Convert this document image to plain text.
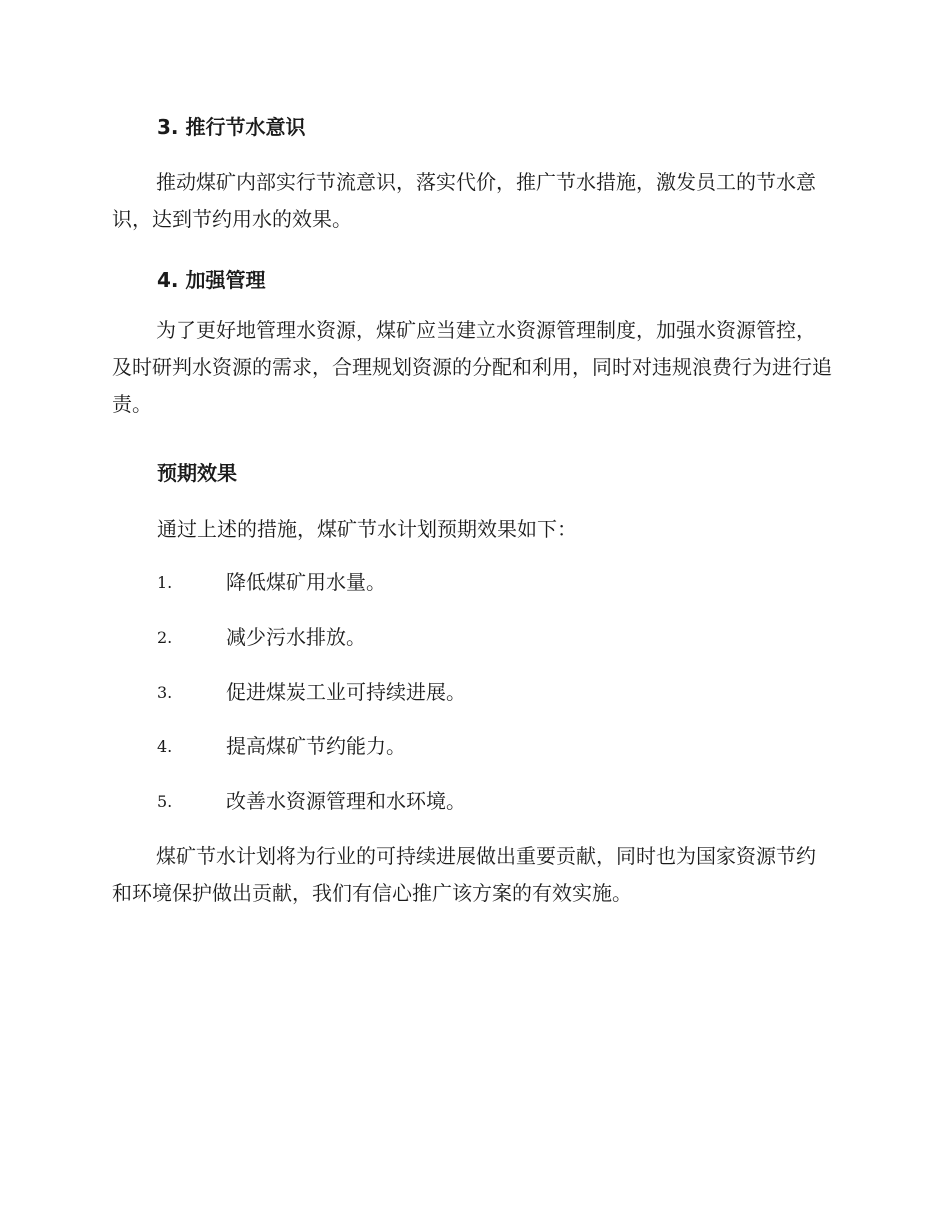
3. 推行节水意识

推动煤矿内部实行节流意识，落实代价，推广节水措施，激发员工的节水意识，达到节约用水的效果。

4. 加强管理

为了更好地管理水资源，煤矿应当建立水资源管理制度，加强水资源管控，及时研判水资源的需求，合理规划资源的分配和利用，同时对违规浪费行为进行追责。

预期效果

通过上述的措施，煤矿节水计划预期效果如下：

1.	降低煤矿用水量。
2.	减少污水排放。
3.	促进煤炭工业可持续进展。
4.	提高煤矿节约能力。
5.	改善水资源管理和水环境。

煤矿节水计划将为行业的可持续进展做出重要贡献，同时也为国家资源节约和环境保护做出贡献，我们有信心推广该方案的有效实施。
